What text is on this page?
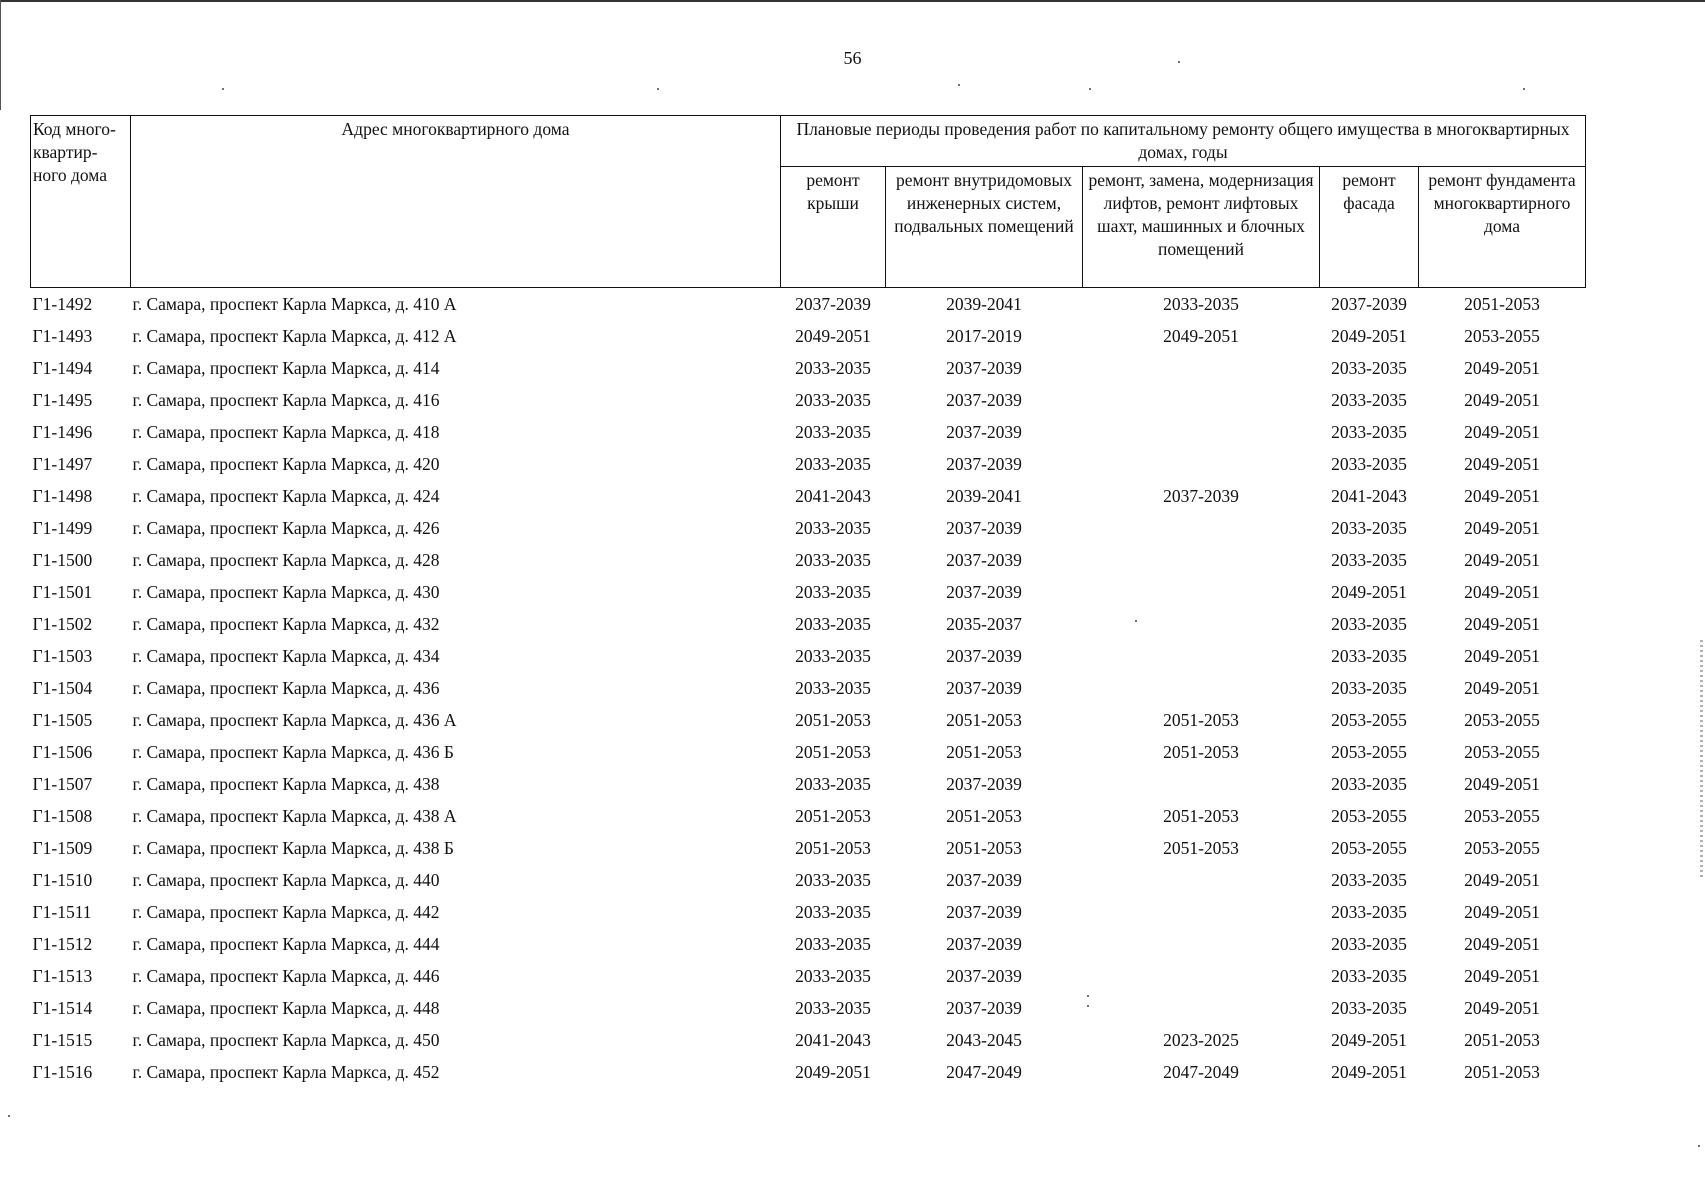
56
Код много-квартир-ного дома	Адрес многоквартирного дома	Плановые периоды проведения работ по капитальному ремонту общего имущества в многоквартирных домах, годы				
		ремонт крыши	ремонт внутридомовых инженерных систем, подвальных помещений	ремонт, замена, модернизация лифтов, ремонт лифтовых шахт, машинных и блочных помещений	ремонт фасада	ремонт фундамента многоквартирного дома
Г1-1492	г. Самара, проспект Карла Маркса, д. 410 А	2037-2039	2039-2041	2033-2035	2037-2039	2051-2053
Г1-1493	г. Самара, проспект Карла Маркса, д. 412 А	2049-2051	2017-2019	2049-2051	2049-2051	2053-2055
Г1-1494	г. Самара, проспект Карла Маркса, д. 414	2033-2035	2037-2039		2033-2035	2049-2051
Г1-1495	г. Самара, проспект Карла Маркса, д. 416	2033-2035	2037-2039		2033-2035	2049-2051
Г1-1496	г. Самара, проспект Карла Маркса, д. 418	2033-2035	2037-2039		2033-2035	2049-2051
Г1-1497	г. Самара, проспект Карла Маркса, д. 420	2033-2035	2037-2039		2033-2035	2049-2051
Г1-1498	г. Самара, проспект Карла Маркса, д. 424	2041-2043	2039-2041	2037-2039	2041-2043	2049-2051
Г1-1499	г. Самара, проспект Карла Маркса, д. 426	2033-2035	2037-2039		2033-2035	2049-2051
Г1-1500	г. Самара, проспект Карла Маркса, д. 428	2033-2035	2037-2039		2033-2035	2049-2051
Г1-1501	г. Самара, проспект Карла Маркса, д. 430	2033-2035	2037-2039		2049-2051	2049-2051
Г1-1502	г. Самара, проспект Карла Маркса, д. 432	2033-2035	2035-2037		2033-2035	2049-2051
Г1-1503	г. Самара, проспект Карла Маркса, д. 434	2033-2035	2037-2039		2033-2035	2049-2051
Г1-1504	г. Самара, проспект Карла Маркса, д. 436	2033-2035	2037-2039		2033-2035	2049-2051
Г1-1505	г. Самара, проспект Карла Маркса, д. 436 А	2051-2053	2051-2053	2051-2053	2053-2055	2053-2055
Г1-1506	г. Самара, проспект Карла Маркса, д. 436 Б	2051-2053	2051-2053	2051-2053	2053-2055	2053-2055
Г1-1507	г. Самара, проспект Карла Маркса, д. 438	2033-2035	2037-2039		2033-2035	2049-2051
Г1-1508	г. Самара, проспект Карла Маркса, д. 438 А	2051-2053	2051-2053	2051-2053	2053-2055	2053-2055
Г1-1509	г. Самара, проспект Карла Маркса, д. 438 Б	2051-2053	2051-2053	2051-2053	2053-2055	2053-2055
Г1-1510	г. Самара, проспект Карла Маркса, д. 440	2033-2035	2037-2039		2033-2035	2049-2051
Г1-1511	г. Самара, проспект Карла Маркса, д. 442	2033-2035	2037-2039		2033-2035	2049-2051
Г1-1512	г. Самара, проспект Карла Маркса, д. 444	2033-2035	2037-2039		2033-2035	2049-2051
Г1-1513	г. Самара, проспект Карла Маркса, д. 446	2033-2035	2037-2039		2033-2035	2049-2051
Г1-1514	г. Самара, проспект Карла Маркса, д. 448	2033-2035	2037-2039		2033-2035	2049-2051
Г1-1515	г. Самара, проспект Карла Маркса, д. 450	2041-2043	2043-2045	2023-2025	2049-2051	2051-2053
Г1-1516	г. Самара, проспект Карла Маркса, д. 452	2049-2051	2047-2049	2047-2049	2049-2051	2051-2053
